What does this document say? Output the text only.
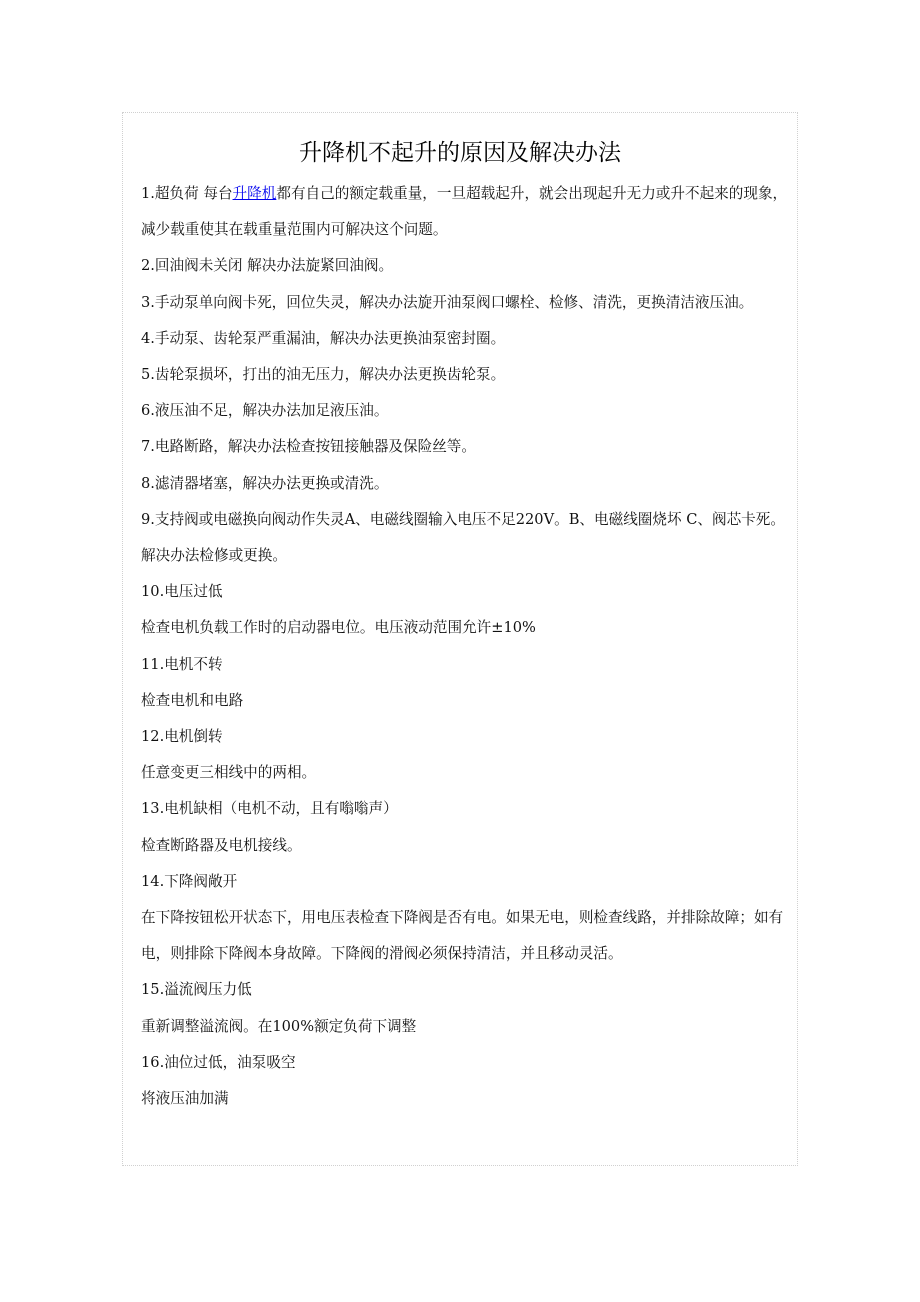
升降机不起升的原因及解决办法

1.超负荷 每台升降机都有自己的额定载重量，一旦超载起升，就会出现起升无力或升不起来的现象，减少载重使其在载重量范围内可解决这个问题。

2.回油阀未关闭 解决办法旋紧回油阀。

3.手动泵单向阀卡死，回位失灵，解决办法旋开油泵阀口螺栓、检修、清洗，更换清洁液压油。

4.手动泵、齿轮泵严重漏油，解决办法更换油泵密封圈。

5.齿轮泵损坏，打出的油无压力，解决办法更换齿轮泵。

6.液压油不足，解决办法加足液压油。

7.电路断路，解决办法检查按钮接触器及保险丝等。

8.滤清器堵塞，解决办法更换或清洗。

9.支持阀或电磁换向阀动作失灵A、电磁线圈输入电压不足220V。B、电磁线圈烧坏 C、阀芯卡死。解决办法检修或更换。

10.电压过低

检查电机负载工作时的启动器电位。电压液动范围允许±10%

11.电机不转

检查电机和电路

12.电机倒转

任意变更三相线中的两相。

13.电机缺相（电机不动，且有嗡嗡声）

检查断路器及电机接线。

14.下降阀敞开

在下降按钮松开状态下，用电压表检查下降阀是否有电。如果无电，则检查线路，并排除故障；如有电，则排除下降阀本身故障。下降阀的滑阀必须保持清洁，并且移动灵活。

15.溢流阀压力低

重新调整溢流阀。在100%额定负荷下调整

16.油位过低，油泵吸空

将液压油加满
